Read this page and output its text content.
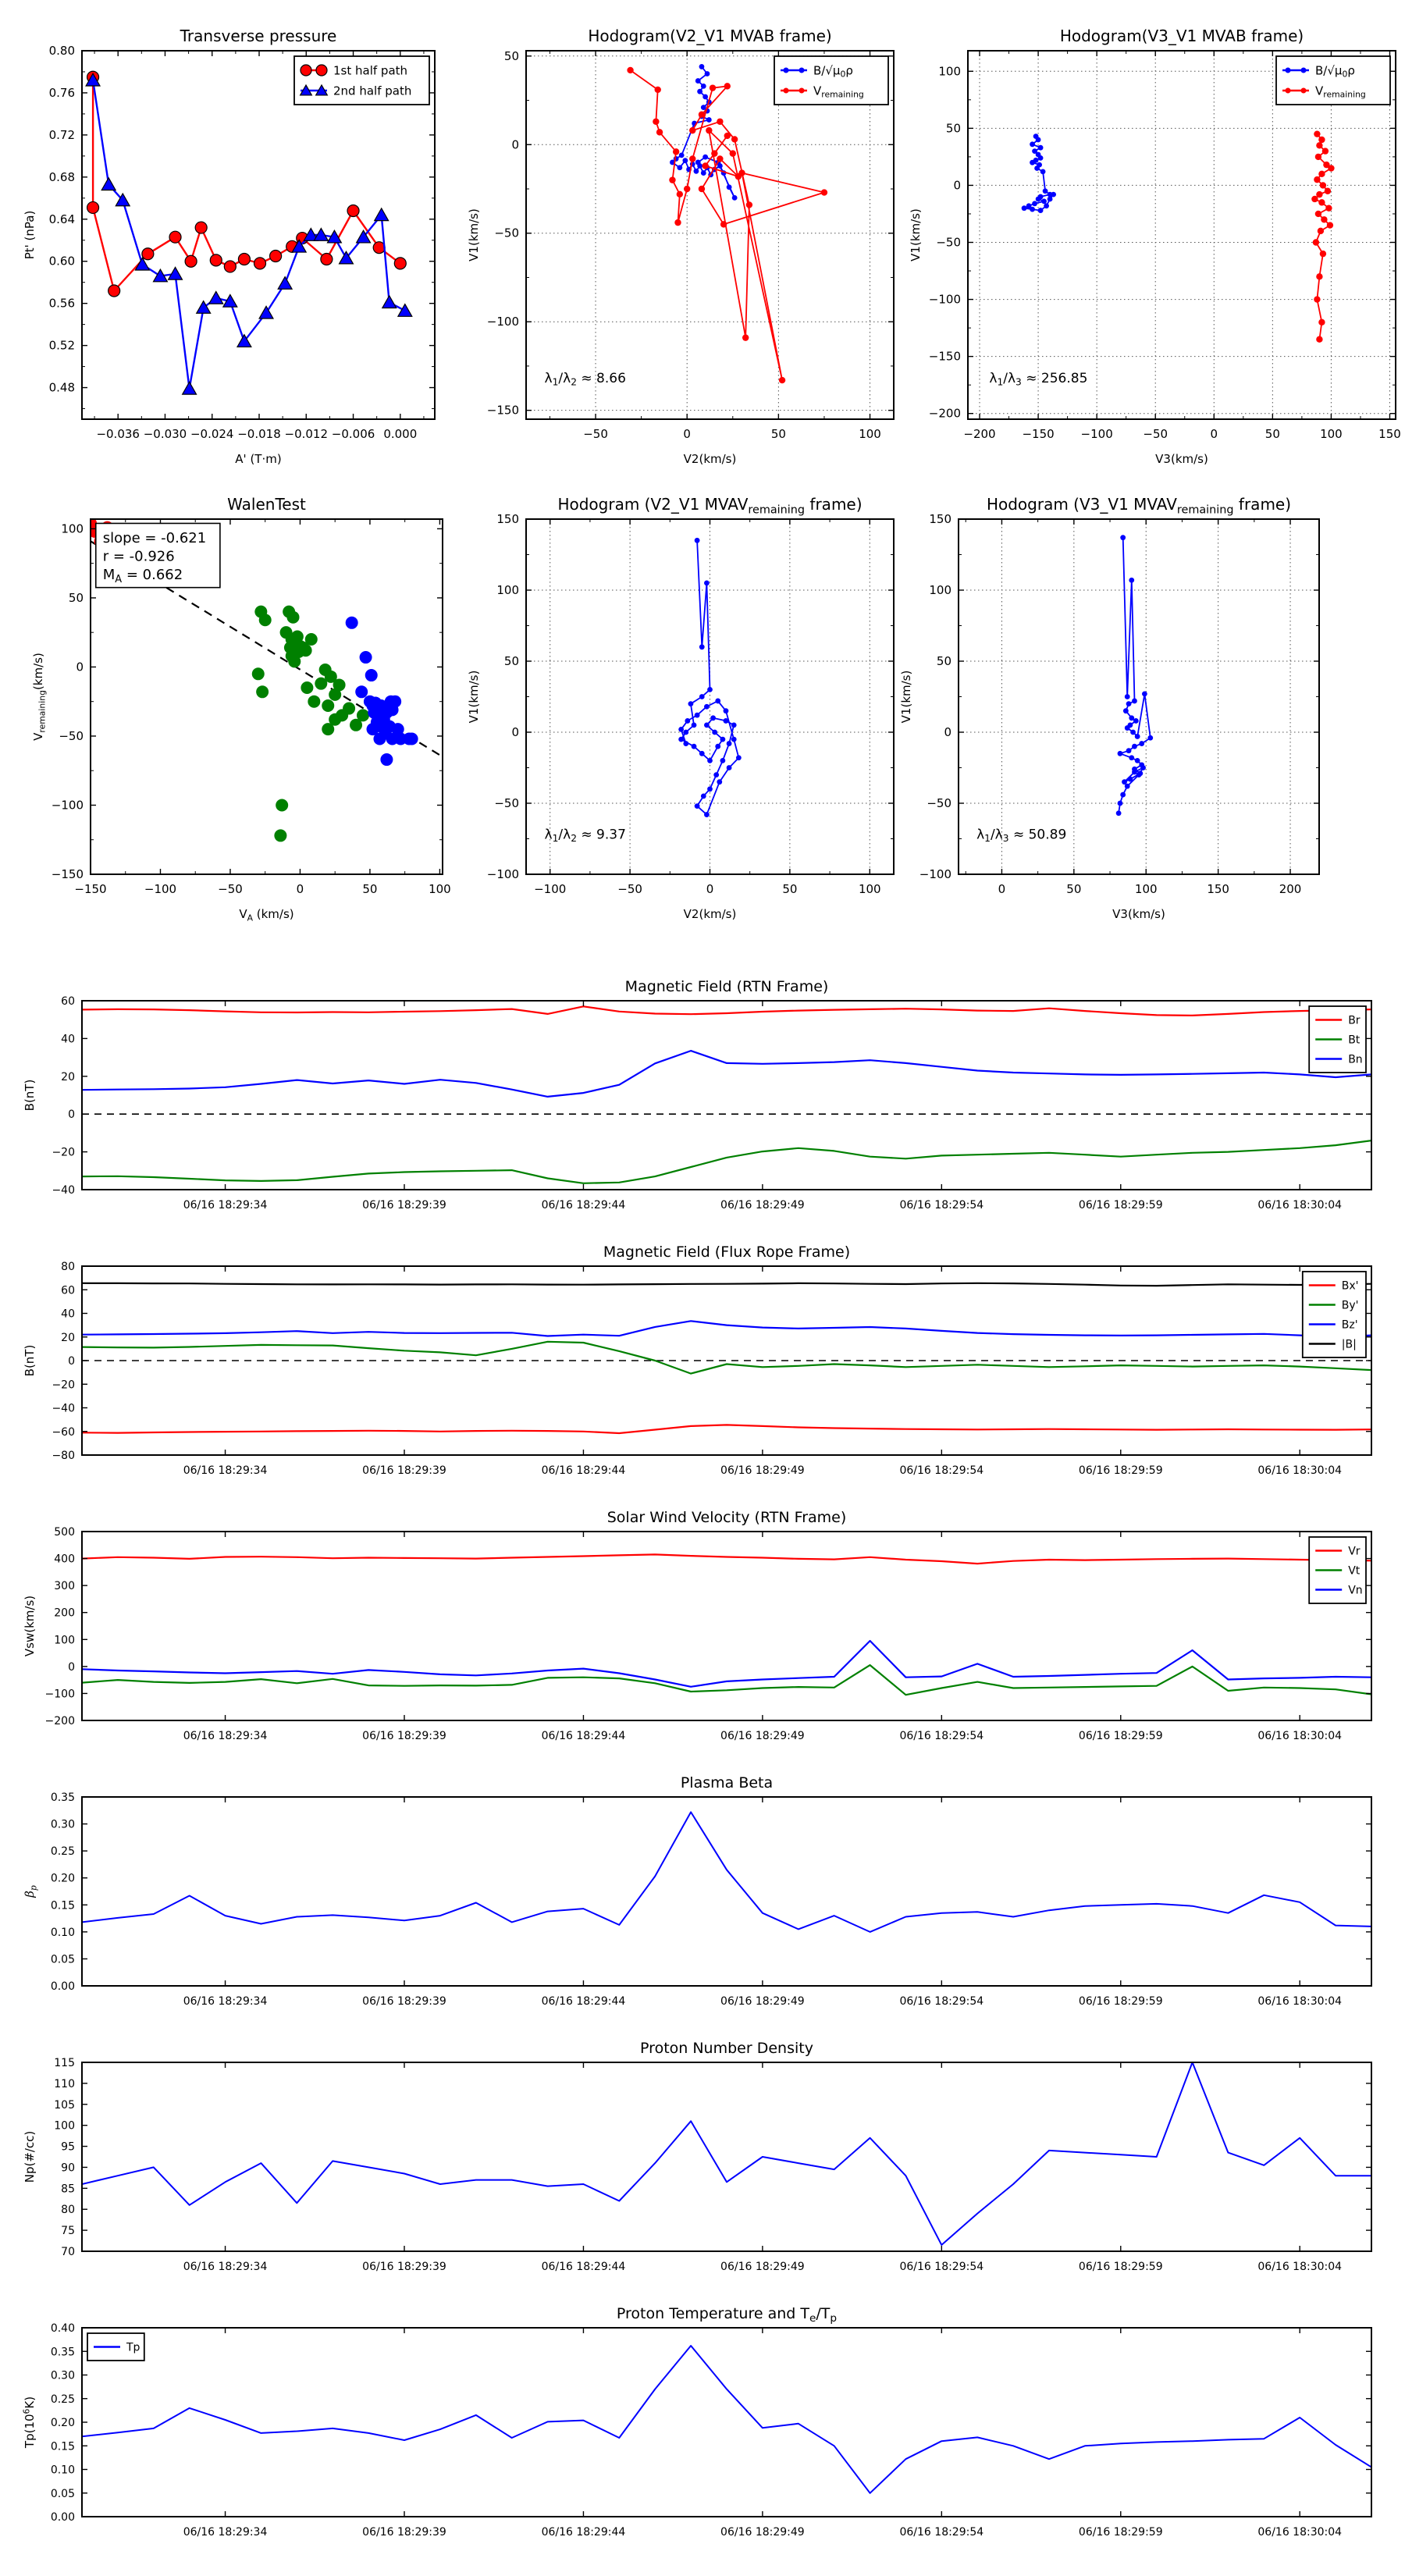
−0.036 −0.030 −0.024 −0.018 −0.012 −0.006 0.000
0.48
0.52
0.56
0.60
0.64
0.68
0.72
0.76
0.80
Transverse pressure
A' (T·m)
Pt' (nPa)
1st half path
2nd half path
−50	0	50	100
50
0
−50
−100
−150
Hodogram(V2_V1 MVAB frame)
V2(km/s)
V1(km/s)
$B/√\mu_0\rho$
$V_{remaining}$
$\lambda_1/\lambda_2 \approx 8.66$
−200 −150 −100	−50	0	50	100	150
100
50
0
−50
−100
−150
−200
Hodogram(V3_V1 MVAB frame)
V3(km/s)
V1(km/s)
$B/√\mu_0\rho$
$V_{remaining}$
$\lambda_1/\lambda_3 \approx 256.85$
−150	−100	−50	0	50	100
100
50
0
−50
−100
−150
WalenTest
$V_A$ (km/s)
$V_{remaining}(km/s)$
slope = -0.621
r = -0.926
$M_A = 0.662$
−100	−50	0	50	100
150
100
50
0
−50
−100
Hodogram (V2_V1 $MVAV_{remaining}$ frame)
V2(km/s)
V1(km/s)
$\lambda_1/\lambda_2 \approx 9.37$
0	50	100	150	200
150
100
50
0
−50
−100
Hodogram (V3_V1 $MVAV_{remaining}$ frame)
V3(km/s)
V1(km/s)
$\lambda_1/\lambda_3 \approx 50.89$
06/16 18:29:34	06/16 18:29:39	06/16 18:29:44	06/16 18:29:49	06/16 18:29:54	06/16 18:29:59	06/16 18:30:04
60
40
20
0
−20
−40
Magnetic Field (RTN Frame)
B(nT)
Br
Bt
Bn
06/16 18:29:34	06/16 18:29:39	06/16 18:29:44	06/16 18:29:49	06/16 18:29:54	06/16 18:29:59	06/16 18:30:04
80
60
40
20
0
−20
−40
−60
−80
Magnetic Field (Flux Rope Frame)
B(nT)
Bx'
By'
Bz'
|B|
06/16 18:29:34	06/16 18:29:39	06/16 18:29:44	06/16 18:29:49	06/16 18:29:54	06/16 18:29:59	06/16 18:30:04
500
400
300
200
100
0
−100
−200
Solar Wind Velocity (RTN Frame)
Vsw(km/s)
Vr
Vt
Vn
06/16 18:29:34	06/16 18:29:39	06/16 18:29:44	06/16 18:29:49	06/16 18:29:54	06/16 18:29:59	06/16 18:30:04
0.35
0.30
0.25
0.20
0.15
0.10
0.05
0.00
Plasma Beta
$\beta_p$
06/16 18:29:34	06/16 18:29:39	06/16 18:29:44	06/16 18:29:49	06/16 18:29:54	06/16 18:29:59	06/16 18:30:04
115
110
105
100
95
90
85
80
75
70
Proton Number Density
Np(#/cc)
06/16 18:29:34	06/16 18:29:39	06/16 18:29:44	06/16 18:29:49	06/16 18:29:54	06/16 18:29:59	06/16 18:30:04
0.40
0.35
0.30
0.25
0.20
0.15
0.10
0.05
0.00
Proton Temperature and $T_e/T_p$
$Tp(10^6K)$
Tp
